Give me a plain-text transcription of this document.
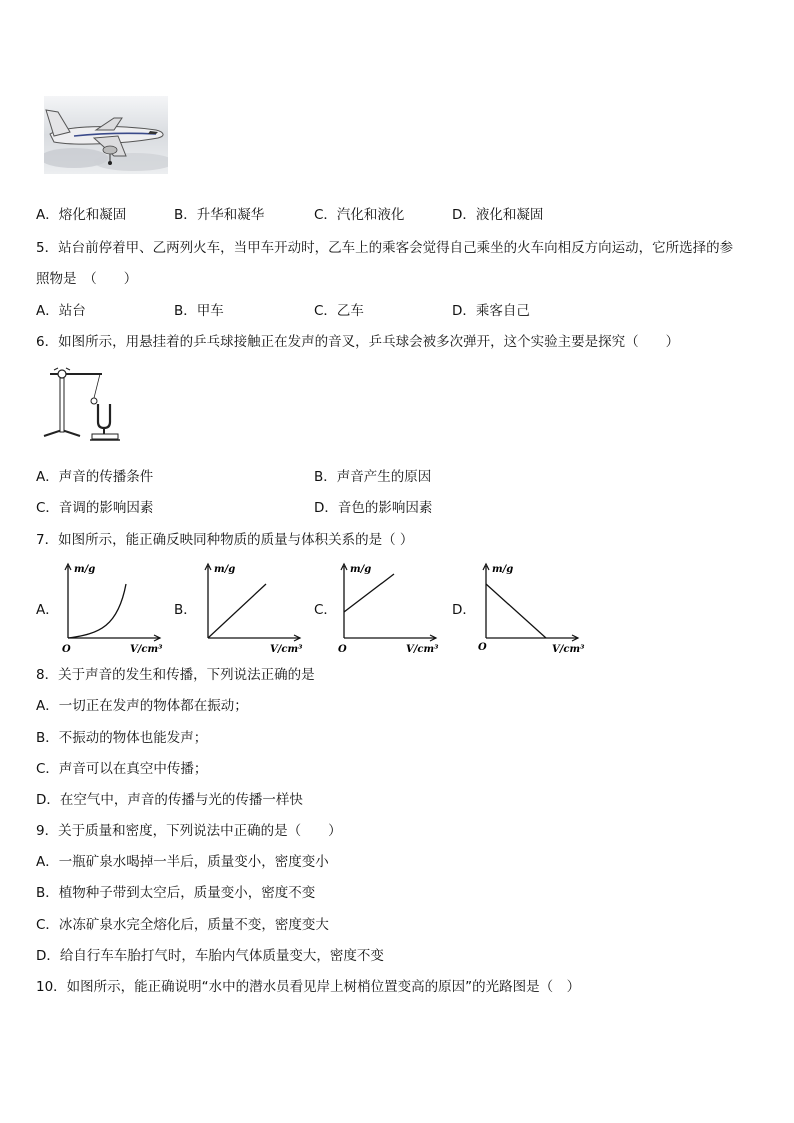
A．熔化和凝固	B．升华和凝华	C．汽化和液化	D．液化和凝固
5．站台前停着甲、乙两列火车，当甲车开动时，乙车上的乘客会觉得自己乘坐的火车向相反方向运动，它所选择的参
照物是　（　　）
A．站台	B．甲车	C．乙车	D．乘客自己
6．如图所示，用悬挂着的乒乓球接触正在发声的音叉，乒乓球会被多次弹开，这个实验主要是探究（　　）
A．声音的传播条件	B．声音产生的原因
C．音调的影响因素	D．音色的影响因素
7．如图所示，能正确反映同种物质的质量与体积关系的是（ ）
A．	B．	C．	D．
m/g
V/cm³
O
m/g
V/cm³
m/g
V/cm³
O
m/g
V/cm³
O
8．关于声音的发生和传播，下列说法正确的是
A．一切正在发声的物体都在振动；
B．不振动的物体也能发声；
C．声音可以在真空中传播；
D．在空气中，声音的传播与光的传播一样快
9．关于质量和密度，下列说法中正确的是（　　）
A．一瓶矿泉水喝掉一半后，质量变小，密度变小
B．植物种子带到太空后，质量变小，密度不变
C．冰冻矿泉水完全熔化后，质量不变，密度变大
D．给自行车车胎打气时，车胎内气体质量变大，密度不变
10．如图所示，能正确说明“水中的潜水员看见岸上树梢位置变高的原因”的光路图是（　）
